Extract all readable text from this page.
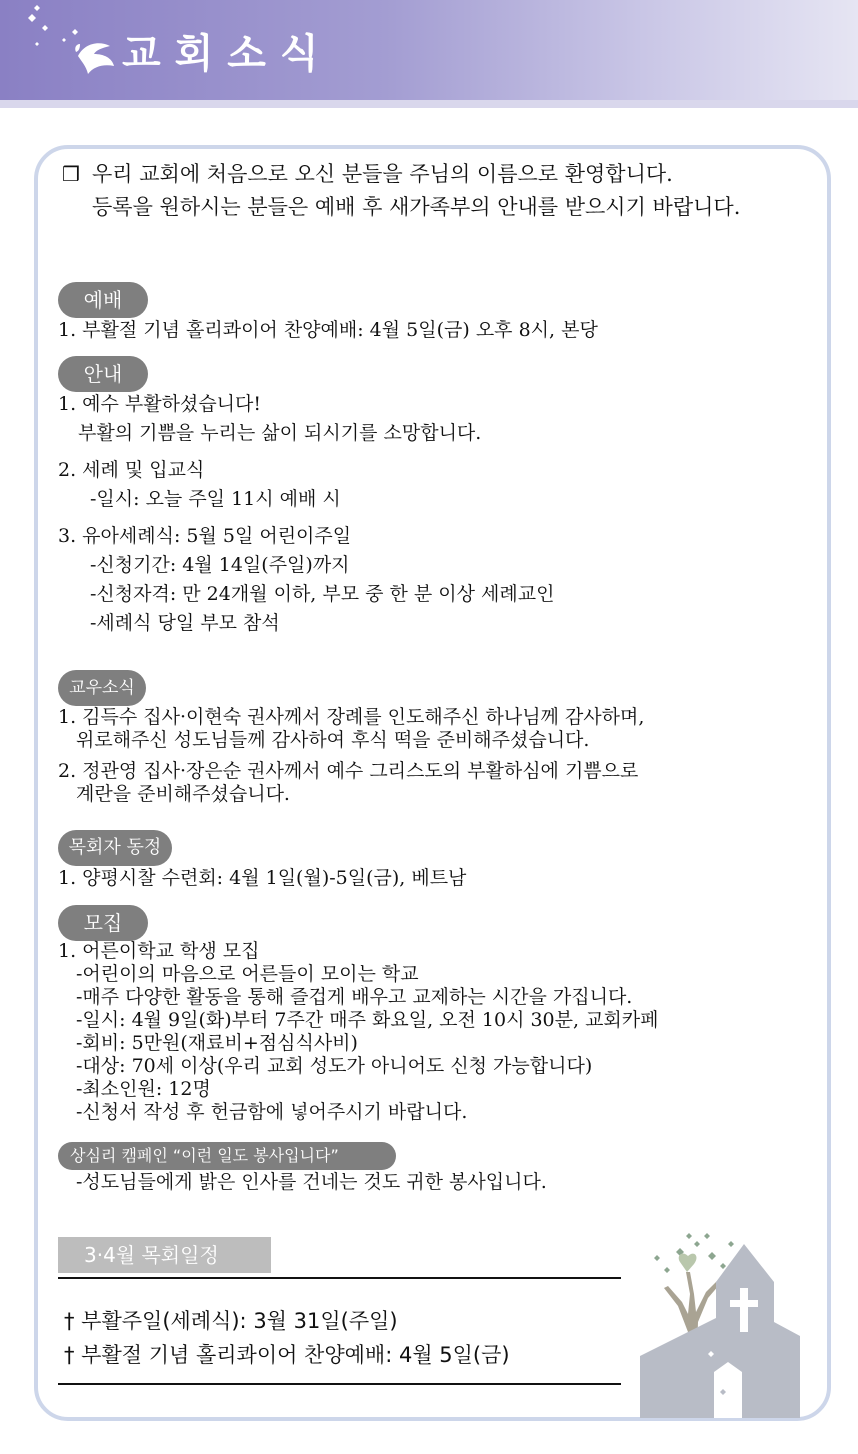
교회소식
❒ 우리 교회에 처음으로 오신 분들을 주님의 이름으로 환영합니다.
등록을 원하시는 분들은 예배 후 새가족부의 안내를 받으시기 바랍니다.
예배
1. 부활절 기념 홀리콰이어 찬양예배: 4월 5일(금) 오후 8시, 본당
안내
1. 예수 부활하셨습니다!
부활의 기쁨을 누리는 삶이 되시기를 소망합니다.
2. 세례 및 입교식
-일시: 오늘 주일 11시 예배 시
3. 유아세례식: 5월 5일 어린이주일
-신청기간: 4월 14일(주일)까지
-신청자격: 만 24개월 이하, 부모 중 한 분 이상 세례교인
-세례식 당일 부모 참석
교우소식
1. 김득수 집사·이현숙 권사께서 장례를 인도해주신 하나님께 감사하며,
위로해주신 성도님들께 감사하여 후식 떡을 준비해주셨습니다.
2. 정관영 집사·장은순 권사께서 예수 그리스도의 부활하심에 기쁨으로
계란을 준비해주셨습니다.
목회자 동정
1. 양평시찰 수련회: 4월 1일(월)-5일(금), 베트남
모집
1. 어른이학교 학생 모집
-어린이의 마음으로 어른들이 모이는 학교
-매주 다양한 활동을 통해 즐겁게 배우고 교제하는 시간을 가집니다.
-일시: 4월 9일(화)부터 7주간 매주 화요일, 오전 10시 30분, 교회카페
-회비: 5만원(재료비+점심식사비)
-대상: 70세 이상(우리 교회 성도가 아니어도 신청 가능합니다)
-최소인원: 12명
-신청서 작성 후 헌금함에 넣어주시기 바랍니다.
상심리 캠페인 “이런 일도 봉사입니다”
-성도님들에게 밝은 인사를 건네는 것도 귀한 봉사입니다.
3·4월 목회일정
† 부활주일(세례식): 3월 31일(주일)
† 부활절 기념 홀리콰이어 찬양예배: 4월 5일(금)
